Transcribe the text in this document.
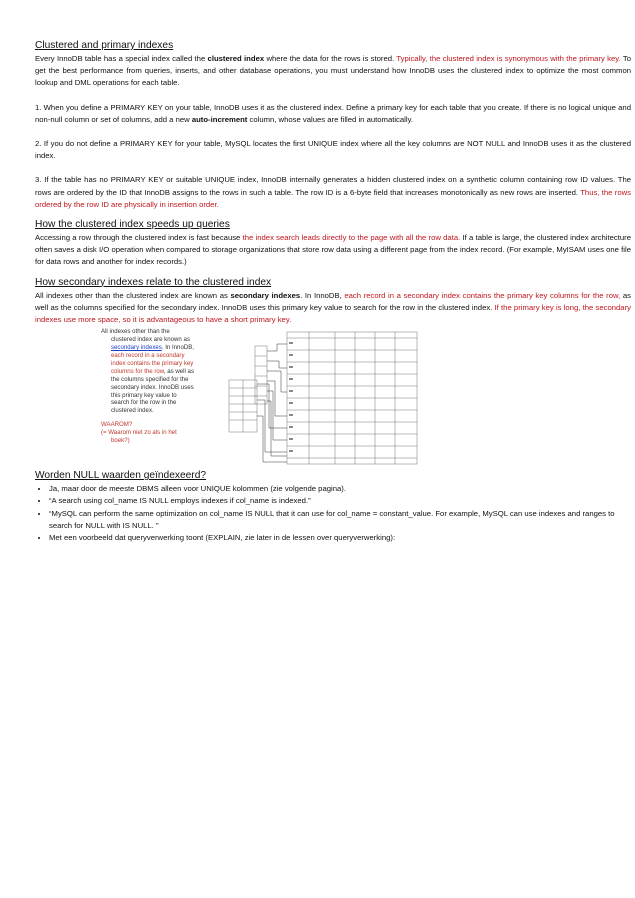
Clustered and primary indexes
Every InnoDB table has a special index called the clustered index where the data for the rows is stored. Typically, the clustered index is synonymous with the primary key. To get the best performance from queries, inserts, and other database operations, you must understand how InnoDB uses the clustered index to optimize the most common lookup and DML operations for each table.
1. When you define a PRIMARY KEY on your table, InnoDB uses it as the clustered index. Define a primary key for each table that you create. If there is no logical unique and non-null column or set of columns, add a new auto-increment column, whose values are filled in automatically.
2. If you do not define a PRIMARY KEY for your table, MySQL locates the first UNIQUE index where all the key columns are NOT NULL and InnoDB uses it as the clustered index.
3. If the table has no PRIMARY KEY or suitable UNIQUE index, InnoDB internally generates a hidden clustered index on a synthetic column containing row ID values. The rows are ordered by the ID that InnoDB assigns to the rows in such a table. The row ID is a 6-byte field that increases monotonically as new rows are inserted. Thus, the rows ordered by the row ID are physically in insertion order.
How the clustered index speeds up queries
Accessing a row through the clustered index is fast because the index search leads directly to the page with all the row data. If a table is large, the clustered index architecture often saves a disk I/O operation when compared to storage organizations that store row data using a different page from the index record. (For example, MyISAM uses one file for data rows and another for index records.)
How secondary indexes relate to the clustered index
All indexes other than the clustered index are known as secondary indexes. In InnoDB, each record in a secondary index contains the primary key columns for the row, as well as the columns specified for the secondary index. InnoDB uses this primary key value to search for the row in the clustered index. If the primary key is long, the secondary indexes use more space, so it is advantageous to have a short primary key.
All indexes other than the

clustered index are known as
secondary indexes. In InnoDB,
each record in a secondary
index contains the primary key
columns for the row, as well as
the columns specified for the
secondary index. InnoDB uses
this primary key value to
search for the row in the
clustered index.
WAAROM?
(= Waarom niet zo als in het

boek?)
Worden NULL waarden geïndexeerd?
• Ja, maar door de meeste DBMS alleen voor UNIQUE kolommen (zie volgende pagina).
• “A search using col_name IS NULL employs indexes if col_name is indexed.”
• “MySQL can perform the same optimization on col_name IS NULL that it can use for col_name = constant_value. For example, MySQL can use indexes and ranges to search for NULL with IS NULL. ”
• Met een voorbeeld dat queryverwerking toont (EXPLAIN, zie later in de lessen over queryverwerking):
